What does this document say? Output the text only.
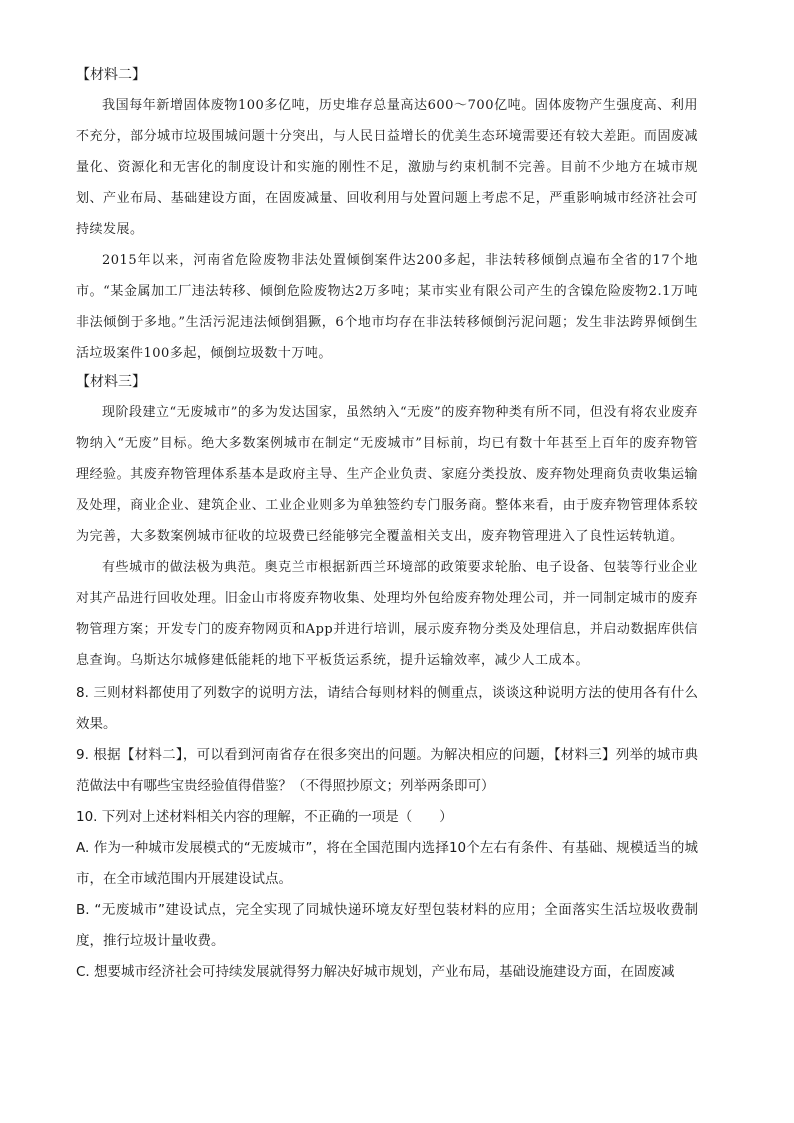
【材料二】

我国每年新增固体废物100多亿吨，历史堆存总量高达600～700亿吨。固体废物产生强度高、利用不充分，部分城市垃圾围城问题十分突出，与人民日益增长的优美生态环境需要还有较大差距。而固废减量化、资源化和无害化的制度设计和实施的刚性不足，激励与约束机制不完善。目前不少地方在城市规划、产业布局、基础建设方面，在固废减量、回收利用与处置问题上考虑不足，严重影响城市经济社会可持续发展。

2015年以来，河南省危险废物非法处置倾倒案件达200多起，非法转移倾倒点遍布全省的17个地市。“某金属加工厂违法转移、倾倒危险废物达2万多吨；某市实业有限公司产生的含镍危险废物2.1万吨非法倾倒于多地。”生活污泥违法倾倒猖獗，6个地市均存在非法转移倾倒污泥问题；发生非法跨界倾倒生活垃圾案件100多起，倾倒垃圾数十万吨。

【材料三】

现阶段建立“无废城市”的多为发达国家，虽然纳入“无废”的废弃物种类有所不同，但没有将农业废弃物纳入“无废”目标。绝大多数案例城市在制定“无废城市”目标前，均已有数十年甚至上百年的废弃物管理经验。其废弃物管理体系基本是政府主导、生产企业负责、家庭分类投放、废弃物处理商负责收集运输及处理，商业企业、建筑企业、工业企业则多为单独签约专门服务商。整体来看，由于废弃物管理体系较为完善，大多数案例城市征收的垃圾费已经能够完全覆盖相关支出，废弃物管理进入了良性运转轨道。

有些城市的做法极为典范。奥克兰市根据新西兰环境部的政策要求轮胎、电子设备、包装等行业企业对其产品进行回收处理。旧金山市将废弃物收集、处理均外包给废弃物处理公司，并一同制定城市的废弃物管理方案；开发专门的废弃物网页和App并进行培训，展示废弃物分类及处理信息，并启动数据库供信息查询。乌斯达尔城修建低能耗的地下平板货运系统，提升运输效率，减少人工成本。

8. 三则材料都使用了列数字的说明方法，请结合每则材料的侧重点，谈谈这种说明方法的使用各有什么效果。

9. 根据【材料二】，可以看到河南省存在很多突出的问题。为解决相应的问题，【材料三】列举的城市典范做法中有哪些宝贵经验值得借鉴？（不得照抄原文；列举两条即可）

10. 下列对上述材料相关内容的理解，不正确的一项是（　　）

A. 作为一种城市发展模式的“无废城市”，将在全国范围内选择10个左右有条件、有基础、规模适当的城市，在全市域范围内开展建设试点。

B. “无废城市”建设试点，完全实现了同城快递环境友好型包装材料的应用；全面落实生活垃圾收费制度，推行垃圾计量收费。

C. 想要城市经济社会可持续发展就得努力解决好城市规划，产业布局，基础设施建设方面，在固废减
